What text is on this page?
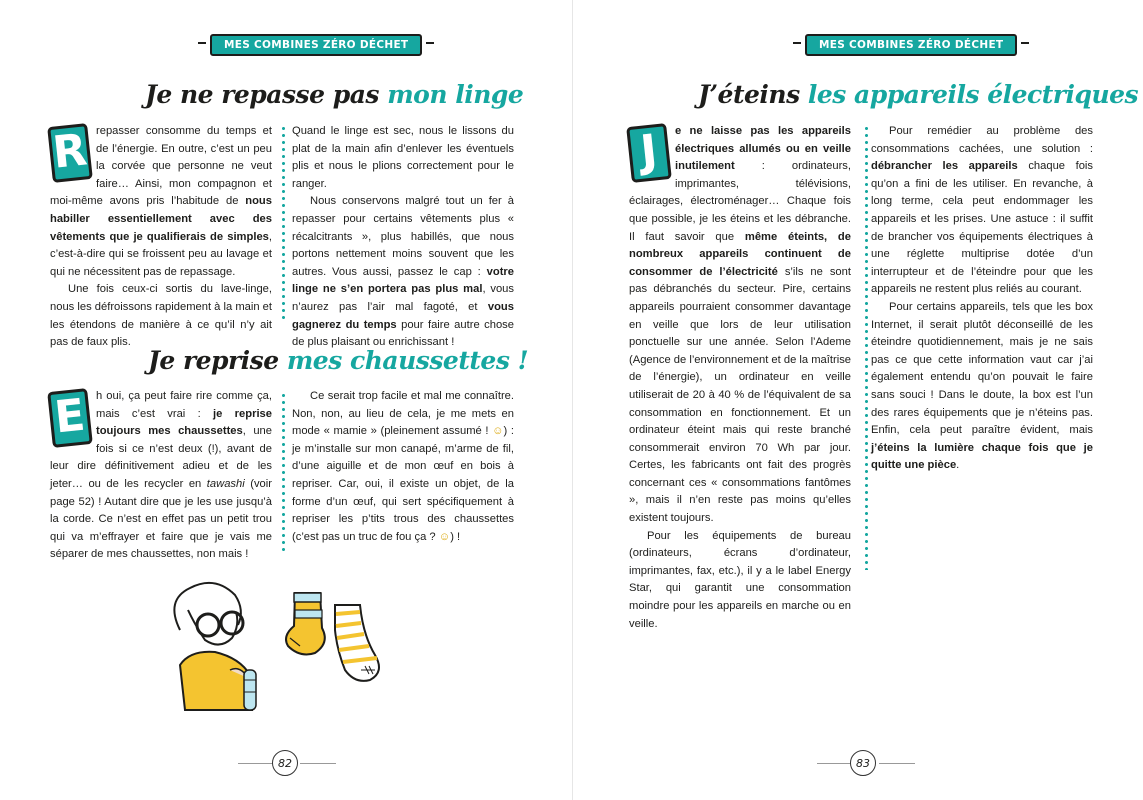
MES COMBINES ZÉRO DÉCHET
Je ne repasse pas mon linge
R repasser consomme du temps et de l’énergie. En outre, c’est un peu la corvée que personne ne veut faire… Ainsi, mon compagnon et moi-même avons pris l’habitude de nous habiller essentiellement avec des vêtements que je qualifierais de simples, c’est-à-dire qui se froissent peu au lavage et qui ne nécessitent pas de repassage.

Une fois ceux-ci sortis du lave-linge, nous les défroissons rapidement à la main et les étendons de manière à ce qu’il n’y ait pas de faux plis.

Quand le linge est sec, nous le lissons du plat de la main afin d’enlever les éventuels plis et nous le plions correctement pour le ranger.

Nous conservons malgré tout un fer à repasser pour certains vêtements plus « récalcitrants », plus habillés, que nous portons nettement moins souvent que les autres. Vous aussi, passez le cap : votre linge ne s’en portera pas plus mal, vous n’aurez pas l’air mal fagoté, et vous gagnerez du temps pour faire autre chose de plus plaisant ou enrichissant !

Je reprise mes chaussettes !
E h oui, ça peut faire rire comme ça, mais c’est vrai : je reprise toujours mes chaussettes, une fois si ce n’est deux (!), avant de leur dire définitivement adieu et de les jeter… ou de les recycler en tawashi (voir page 52) ! Autant dire que je les use jusqu’à la corde. Ce n’est en effet pas un petit trou qui va m’effrayer et faire que je vais me séparer de mes chaussettes, non mais !

Ce serait trop facile et mal me connaître. Non, non, au lieu de cela, je me mets en mode « mamie » (pleinement assumé ! ☺) : je m’installe sur mon canapé, m’arme de fil, d’une aiguille et de mon œuf en bois à repriser. Car, oui, il existe un objet, de la forme d’un œuf, qui sert spécifiquement à repriser les p’tits trous des chaussettes (c’est pas un truc de fou ça ? ☺) !

82
MES COMBINES ZÉRO DÉCHET
J’éteins les appareils électriques
J	e ne laisse pas les appareils électriques allumés ou en veille inutilement : ordinateurs, imprimantes, télévisions, éclairages, électroménager… Chaque fois que possible, je les éteins et les débranche. Il faut savoir que même éteints, de nombreux appareils continuent de consommer de l’électricité s’ils ne sont pas débranchés du secteur. Pire, certains appareils pourraient consommer davantage en veille que lors de leur utilisation ponctuelle sur une année. Selon l’Ademe (Agence de l’environnement et de la maîtrise de l’énergie), un ordinateur en veille utiliserait de 20 à 40 % de l’équivalent de sa consommation en fonctionnement. Et un ordinateur éteint mais qui reste branché consommerait environ 70 Wh par jour. Certes, les fabricants ont fait des progrès concernant ces « consommations fantômes », mais il n’en reste pas moins qu’elles existent toujours.

Pour les équipements de bureau (ordinateurs, écrans d’ordinateur, imprimantes, fax, etc.), il y a le label Energy Star, qui garantit une consommation moindre pour les appareils en marche ou en veille.

Pour remédier au problème des consommations cachées, une solution : débrancher les appareils chaque fois qu’on a fini de les utiliser. En revanche, à long terme, cela peut endommager les appareils et les prises. Une astuce : il suffit de brancher vos équipements électriques à une réglette multiprise dotée d’un interrupteur et de l’éteindre pour que les appareils ne restent plus reliés au courant.

Pour certains appareils, tels que les box Internet, il serait plutôt déconseillé de les éteindre quotidiennement, mais je ne sais pas ce que cette information vaut car j’ai également entendu qu’on pouvait le faire sans souci ! Dans le doute, la box est l’un des rares équipements que je n’éteins pas. Enfin, cela peut paraître évident, mais j’éteins la lumière chaque fois que je quitte une pièce.

83
